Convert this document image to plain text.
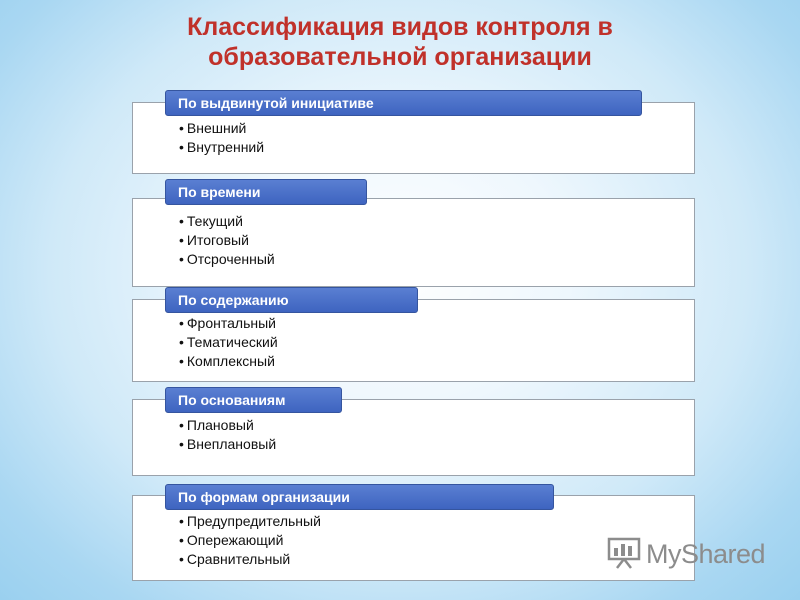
Классификация видов контроля в
образовательной организации
По выдвинутой инициативе
• Внешний
• Внутренний
По времени
• Текущий
• Итоговый
• Отсроченный
По содержанию
• Фронтальный
• Тематический
• Комплексный
По основаниям
• Плановый
• Внеплановый
По формам организации
• Предупредительный
• Опережающий
• Сравнительный	MyShared
